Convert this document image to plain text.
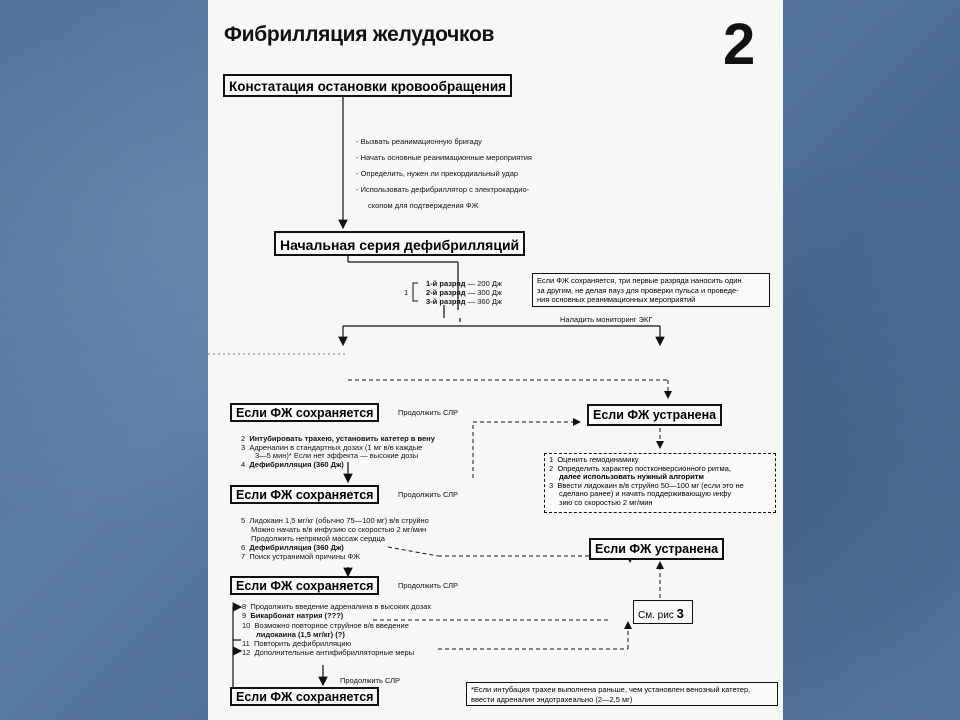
Фибрилляция желудочков	2
Констатация остановки кровообращения
- Вызвать реанимационную бригаду
- Начать основные реанимационные мероприятия
- Определить, нужен ли прекордиальный удар
- Использовать дефибриллятор с электрокардио-
скопом для подтверждения ФЖ
Начальная серия дефибрилляций
1
1-й разряд — 200 Дж
2-й разряд — 300 Дж
3-й разряд — 360 Дж
Если ФЖ сохраняется, три первые разряда наносить один
за другим, не делая пауз для проверки пульса и проведе-
ния основных реанимационных мероприятий
Наладить мониторинг ЭКГ
Если ФЖ сохраняется	Продолжить СЛР	Если ФЖ устранена
2 Интубировать трахею, установить катетер в вену
3 Адреналин в стандартных дозах (1 мг в/в каждые
3—5 мин)* Если нет эффекта — высокие дозы
4 Дефибрилляция (360 Дж)
1 Оценить гемодинамику
2 Определить характер постконверсионного ритма,
далее использовать нужный алгоритм
3 Ввести лидокаин в/в струйно 50—100 мг (если это не
сделано ранее) и начать поддерживающую инфу
зию со скоростью 2 мг/мин
Если ФЖ сохраняется	Продолжить СЛР
5 Лидокаин 1,5 мг/кг (обычно 75—100 мг) в/в струйно
Можно начать в/в инфузию со скоростью 2 мг/мин
Продолжить непрямой массаж сердца
6 Дефибрилляция (360 Дж)
7 Поиск устранимой причины ФЖ
Если ФЖ устранена
Если ФЖ сохраняется	Продолжить СЛР
См. рис 3
8 Продолжить введение адреналина в высоких дозах
9 Бикарбонат натрия (???)
10 Возможно повторное струйное в/в введение
лидокаина (1,5 мг/кг) (?)
11 Повторить дефибрилляцию
12 Дополнительные антифибрилляторные меры
Продолжить СЛР
Если ФЖ сохраняется
*Если интубация трахеи выполнена раньше, чем установлен венозный катетер,
ввести адреналин эндотрахеально (2—2,5 мг)
